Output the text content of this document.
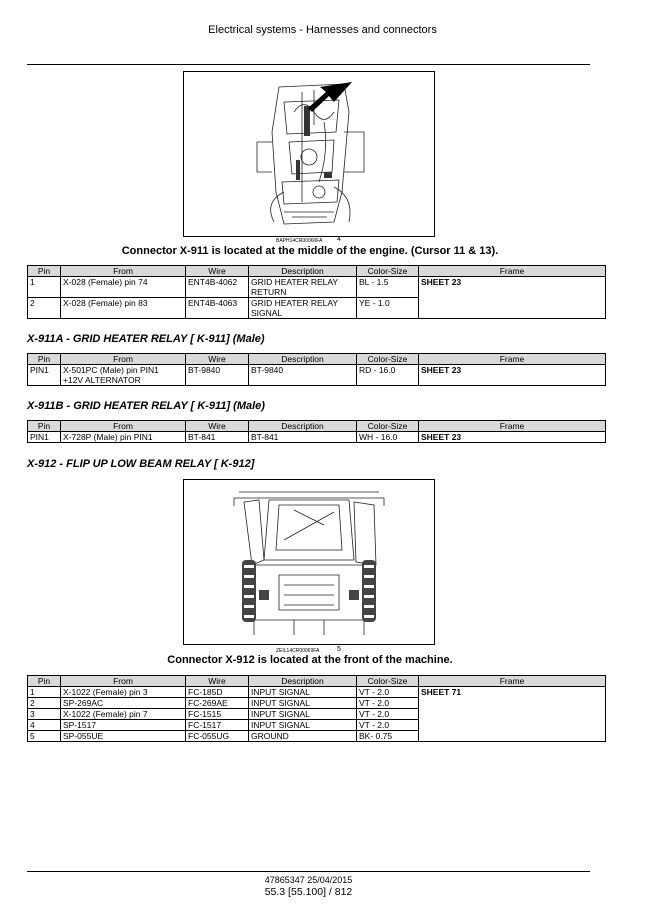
Electrical systems - Harnesses and connectors
BAPH14CR00060FA 4
Connector X-911 is located at the middle of the engine. (Cursor 11 & 13).
Pin	From	Wire	Description	Color-Size	Frame
1	X-028 (Female) pin 74	ENT4B-4062	GRID HEATER RELAY
RETURN	BL - 1.5	SHEET 23
2	X-028 (Female) pin 83	ENT4B-4063	GRID HEATER RELAY
SIGNAL	YE - 1.0	
X-911A - GRID HEATER RELAY [ K-911] (Male)
Pin	From	Wire	Description	Color-Size	Frame
PIN1	X-501PC (Male) pin PIN1
+12V ALTERNATOR	BT-9840	BT-9840	RD - 16.0	SHEET 23
X-911B - GRID HEATER RELAY [ K-911] (Male)
Pin	From	Wire	Description	Color-Size	Frame
PIN1	X-728P (Male) pin PIN1	BT-841	BT-841	WH - 16.0	SHEET 23
X-912 - FLIP UP LOW BEAM RELAY [ K-912]
ZEIL14CR00069FA	5
Connector X-912 is located at the front of the machine.
Pin	From	Wire	Description	Color-Size	Frame
1	X-1022 (Female) pin 3	FC-185D	INPUT SIGNAL	VT - 2.0	SHEET 71
2	SP-269AC	FC-269AE	INPUT SIGNAL	VT - 2.0	
3	X-1022 (Female) pin 7	FC-1515	INPUT SIGNAL	VT - 2.0	
4	SP-1517	FC-1517	INPUT SIGNAL	VT - 2.0	
5	SP-055UE	FC-055UG	GROUND	BK- 0.75	
47865347 25/04/2015
55.3 [55.100] / 812
